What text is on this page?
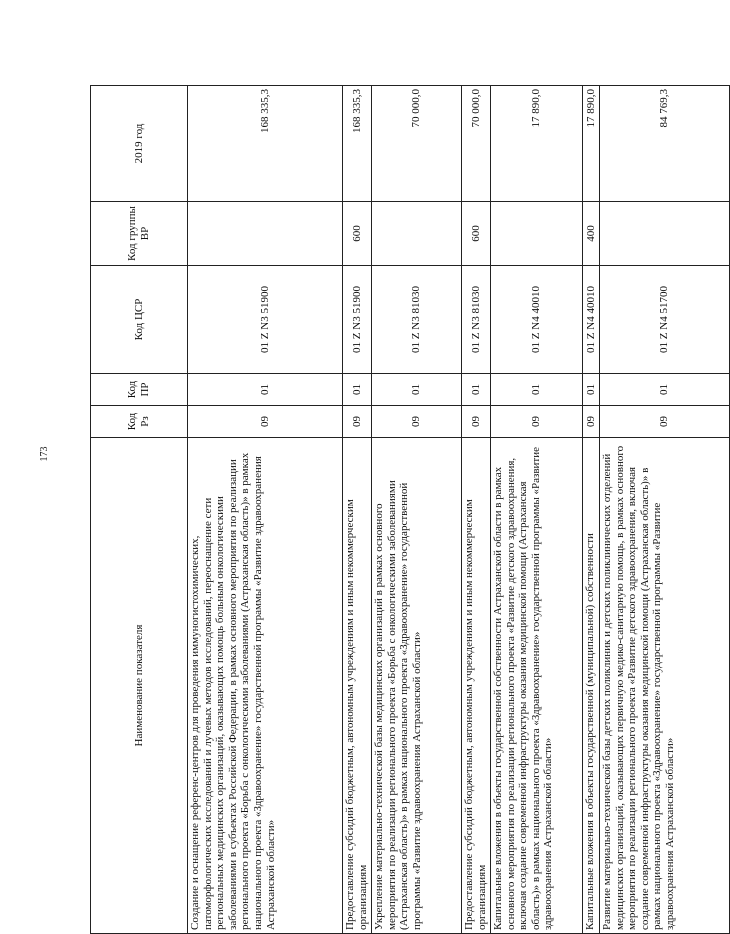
173
Наименование показателя	Код Рз	Код ПР	Код ЦСР	Код группы ВР	2019 год
Создание и оснащение референс-центров для проведения иммуногистохимических, патоморфологических исследований и лучевых методов исследований, переоснащение сети региональных медицинских организаций, оказывающих помощь больным онкологическими заболеваниями в субъектах Российской Федерации, в рамках основного мероприятия по реализации регионального проекта «Борьба с онкологическими заболеваниями (Астраханская область)» в рамках национального проекта «Здравоохранение» государственной программы «Развитие здравоохранения Астраханской области»	09	01	01 Z N3 51900		168 335,3
Предоставление субсидий бюджетным, автономным учреждениям и иным некоммерческим организациям	09	01	01 Z N3 51900	600	168 335,3
Укрепление материально-технической базы медицинских организаций в рамках основного мероприятия по реализации регионального проекта «Борьба с онкологическими заболеваниями (Астраханская область)» в рамках национального проекта «Здравоохранение» государственной программы «Развитие здравоохранения Астраханской области»	09	01	01 Z N3 81030		70 000,0
Предоставление субсидий бюджетным, автономным учреждениям и иным некоммерческим организациям	09	01	01 Z N3 81030	600	70 000,0
Капитальные вложения в объекты государственной собственности Астраханской области в рамках основного мероприятия по реализации регионального проекта «Развитие детского здравоохранения, включая создание современной инфраструктуры оказания медицинской помощи (Астраханская область)» в рамках национального проекта «Здравоохранение» государственной программы «Развитие здравоохранения Астраханской области»	09	01	01 Z N4 40010		17 890,0
Капитальные вложения в объекты государственной (муниципальной) собственности	09	01	01 Z N4 40010	400	17 890,0
Развитие материально-технической базы детских поликлиник и детских поликлинических отделений медицинских организаций, оказывающих первичную медико-санитарную помощь, в рамках основного мероприятия по реализации регионального проекта «Развитие детского здравоохранения, включая создание современной инфраструктуры оказания медицинской помощи (Астраханская область)» в рамках национального проекта «Здравоохранение» государственной программы «Развитие здравоохранения Астраханской области»	09	01	01 Z N4 51700		84 769,3
